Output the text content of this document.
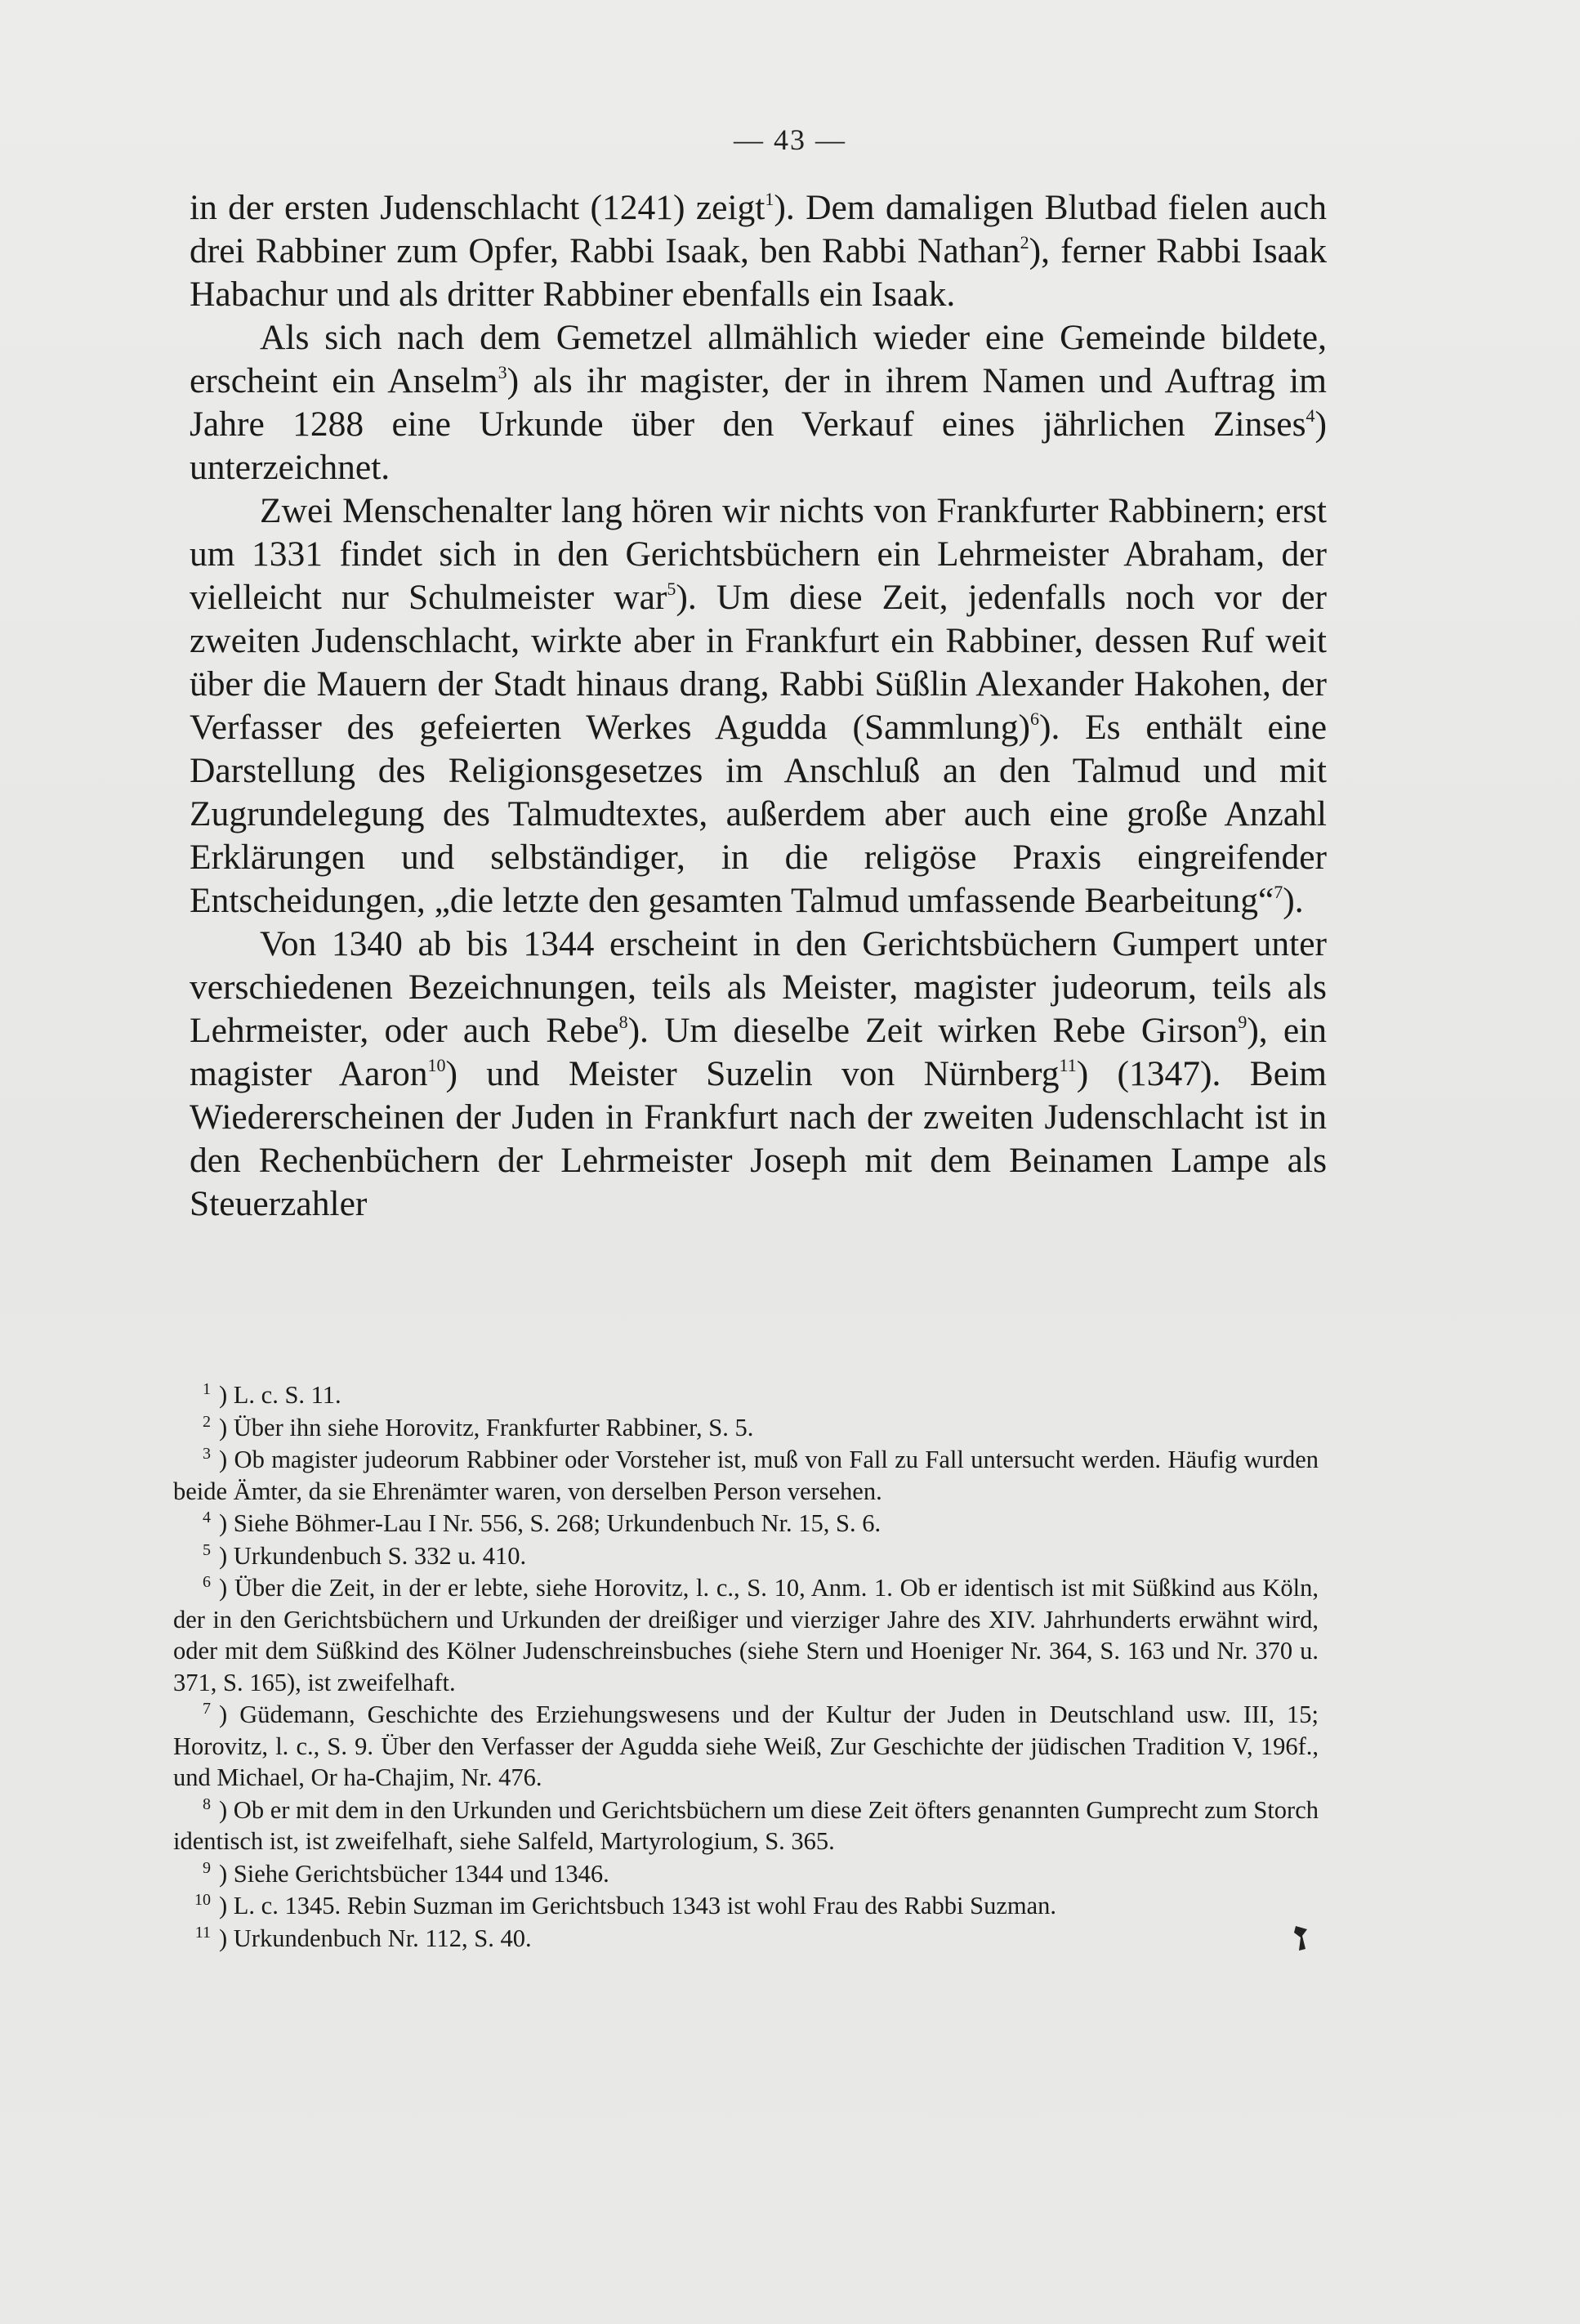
— 43 —

in der ersten Judenschlacht (1241) zeigt$^1$). Dem damaligen Blutbad fielen auch drei Rabbiner zum Opfer, Rabbi Isaak, ben Rabbi Nathan$^2$), ferner Rabbi Isaak Habachur und als dritter Rabbiner ebenfalls ein Isaak.

Als sich nach dem Gemetzel allmählich wieder eine Gemeinde bildete, erscheint ein Anselm$^3$) als ihr magister, der in ihrem Namen und Auftrag im Jahre 1288 eine Urkunde über den Verkauf eines jährlichen Zinses$^4$) unterzeichnet.

Zwei Menschenalter lang hören wir nichts von Frankfurter Rabbinern; erst um 1331 findet sich in den Gerichtsbüchern ein Lehrmeister Abraham, der vielleicht nur Schulmeister war$^5$). Um diese Zeit, jedenfalls noch vor der zweiten Judenschlacht, wirkte aber in Frankfurt ein Rabbiner, dessen Ruf weit über die Mauern der Stadt hinaus drang, Rabbi Süßlin Alexander Hakohen, der Verfasser des gefeierten Werkes Agudda (Sammlung)$^6$). Es enthält eine Darstellung des Religionsgesetzes im Anschluß an den Talmud und mit Zugrundelegung des Talmudtextes, außerdem aber auch eine große Anzahl Erklärungen und selbständiger, in die religöse Praxis eingreifender Entscheidungen, „die letzte den gesamten Talmud umfassende Bearbeitung“$^7$).

Von 1340 ab bis 1344 erscheint in den Gerichtsbüchern Gumpert unter verschiedenen Bezeichnungen, teils als Meister, magister judeorum, teils als Lehrmeister, oder auch Rebe$^8$). Um dieselbe Zeit wirken Rebe Girson$^9$), ein magister Aaron$^{10}$) und Meister Suzelin von Nürnberg$^{11}$) (1347). Beim Wiedererscheinen der Juden in Frankfurt nach der zweiten Judenschlacht ist in den Rechenbüchern der Lehrmeister Joseph mit dem Beinamen Lampe als Steuerzahler

$^1$ ) L. c. S. 11.
$^2$ ) Über ihn siehe Horovitz, Frankfurter Rabbiner, S. 5.
$^3$ ) Ob magister judeorum Rabbiner oder Vorsteher ist, muß von Fall zu Fall untersucht werden. Häufig wurden beide Ämter, da sie Ehrenämter waren, von derselben Person versehen.
$^4$ ) Siehe Böhmer-Lau I Nr. 556, S. 268; Urkundenbuch Nr. 15, S. 6.
$^5$ ) Urkundenbuch S. 332 u. 410.
$^6$ ) Über die Zeit, in der er lebte, siehe Horovitz, l. c., S. 10, Anm. 1. Ob er identisch ist mit Süßkind aus Köln, der in den Gerichtsbüchern und Urkunden der dreißiger und vierziger Jahre des XIV. Jahrhunderts erwähnt wird, oder mit dem Süßkind des Kölner Judenschreinsbuches (siehe Stern und Hoeniger Nr. 364, S. 163 und Nr. 370 u. 371, S. 165), ist zweifelhaft.
$^7$ ) Güdemann, Geschichte des Erziehungswesens und der Kultur der Juden in Deutschland usw. III, 15; Horovitz, l. c., S. 9. Über den Verfasser der Agudda siehe Weiß, Zur Geschichte der jüdischen Tradition V, 196f., und Michael, Or ha-Chajim, Nr. 476.
$^8$ ) Ob er mit dem in den Urkunden und Gerichtsbüchern um diese Zeit öfters genannten Gumprecht zum Storch identisch ist, ist zweifelhaft, siehe Salfeld, Martyrologium, S. 365.
$^9$ ) Siehe Gerichtsbücher 1344 und 1346.
$^{10}$ ) L. c. 1345. Rebin Suzman im Gerichtsbuch 1343 ist wohl Frau des Rabbi Suzman.
$^{11}$ ) Urkundenbuch Nr. 112, S. 40.
